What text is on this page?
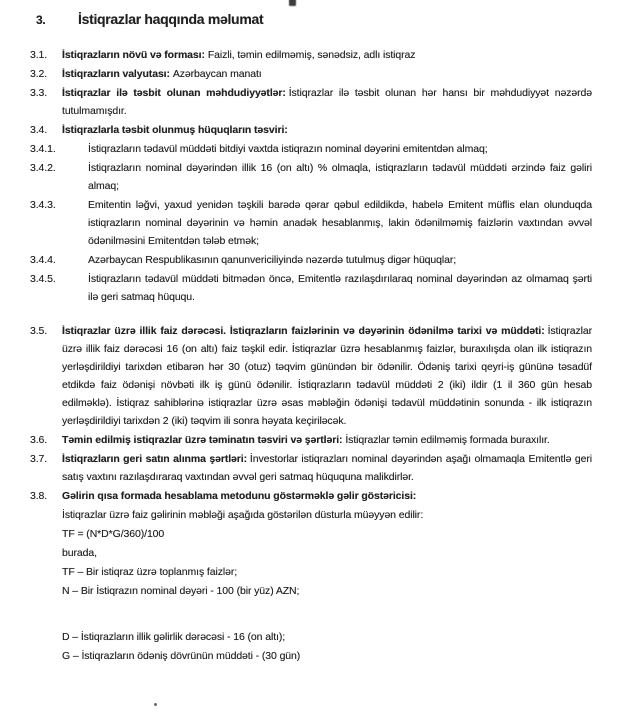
3. İstiqrazlar haqqında məlumat
3.1. İstiqrazların növü və forması: Faizli, təmin edilməmiş, sənədsiz, adlı istiqraz

3.2. İstiqrazların valyutası: Azərbaycan manatı

3.3. İstiqrazlar ilə təsbit olunan məhdudiyyətlər: İstiqrazlar ilə təsbit olunan hər hansı bir məhdudiyyət nəzərdə tutulmamışdır.

3.4. İstiqrazlarla təsbit olunmuş hüquqların təsviri:

3.4.1.	İstiqrazların tədavül müddəti bitdiyi vaxtda istiqrazın nominal dəyərini emitentdən almaq;

3.4.2.	İstiqrazların nominal dəyərindən illik 16 (on altı) % olmaqla, istiqrazların tədavül müddəti ərzində faiz gəliri almaq;

3.4.3.	Emitentin ləğvi, yaxud yenidən təşkili barədə qərar qəbul edildikdə, habelə Emitent müflis elan olunduqda istiqrazların nominal dəyərinin və həmin anadək hesablanmış, lakin ödənilməmiş faizlərin vaxtından əvvəl ödənilməsini Emitentdən tələb etmək;

3.4.4.	Azərbaycan Respublikasının qanunvericiliyində nəzərdə tutulmuş digər hüquqlar;

3.4.5.	İstiqrazların tədavül müddəti bitmədən öncə, Emitentlə razılaşdırılaraq nominal dəyərindən az olmamaq şərti ilə geri satmaq hüququ.

3.5. İstiqrazlar üzrə illik faiz dərəcəsi. İstiqrazların faizlərinin və dəyərinin ödənilmə tarixi və müddəti: İstiqrazlar üzrə illik faiz dərəcəsi 16 (on altı) faiz təşkil edir. İstiqrazlar üzrə hesablanmış faizlər, buraxılışda olan ilk istiqrazın yerləşdirildiyi tarixdən etibarən hər 30 (otuz) təqvim günündən bir ödənilir. Ödəniş tarixi qeyri-iş gününə təsadüf etdikdə faiz ödənişi növbəti ilk iş günü ödənilir. İstiqrazların tədavül müddəti 2 (iki) ildir (1 il 360 gün hesab edilməklə). İstiqraz sahiblərinə istiqrazlar üzrə əsas məbləğin ödənişi tədavül müddətinin sonunda - ilk istiqrazın yerləşdirildiyi tarixdən 2 (iki) təqvim ili sonra həyata keçiriləcək.

3.6. Təmin edilmiş istiqrazlar üzrə təminatın təsviri və şərtləri: İstiqrazlar təmin edilməmiş formada buraxılır.

3.7. İstiqrazların geri satın alınma şərtləri: İnvestorlar istiqrazları nominal dəyərindən aşağı olmamaqla Emitentlə geri satış vaxtını razılaşdıraraq vaxtından əvvəl geri satmaq hüququna malikdirlər.

3.8. Gəlirin qısa formada hesablama metodunu göstərməklə gəlir göstəricisi:

İstiqrazlar üzrə faiz gəlirinin məbləği aşağıda göstərilən düsturla müəyyən edilir:

TF = (N*D*G/360)/100

burada,

TF – Bir istiqraz üzrə toplanmış faizlər;

N – Bir İstiqrazın nominal dəyəri - 100 (bir yüz) AZN;

D – İstiqrazların illik gəlirlik dərəcəsi - 16 (on altı);

G – İstiqrazların ödəniş dövrünün müddəti - (30 gün)
